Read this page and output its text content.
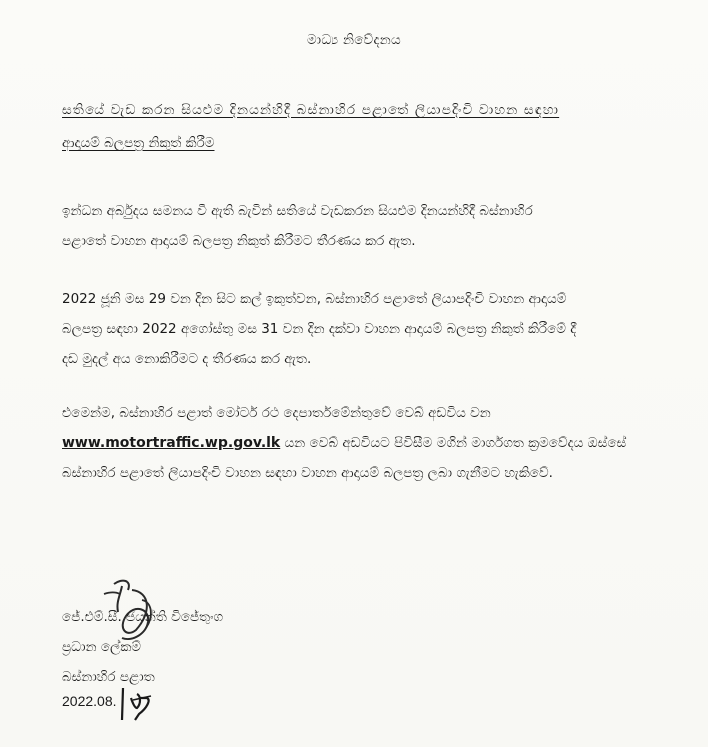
මාධ්‍ය නිවේදනය
සතියේ වැඩ කරන සියළුම දිනයන්හිදී බස්නාහිර පළාතේ ලියාපදිංචි වාහන සඳහා
ආදායම් බලපත්‍ර නිකුත් කිරීම
ඉන්ධන අර්බුදය සමනය වී ඇති බැවින් සතියේ වැඩකරන සියළුම දිනයන්හිදී බස්නාහිර
පළාතේ වාහන ආදායම් බලපත්‍ර නිකුත් කිරීමට තීරණය කර ඇත.
2022 ජූනි මස 29 වන දින සිට කල් ඉකුත්වන, බස්නාහිර පළාතේ ලියාපදිංචි වාහන ආදායම්
බලපත්‍ර සඳහා 2022 අගෝස්තු මස 31 වන දින දක්වා වාහන ආදායම් බලපත්‍ර නිකුත් කිරීමේ දී
දඩ මුදල් අය නොකිරීමට ද තීරණය කර ඇත.
එමෙන්ම, බස්නාහිර පළාත් මෝටර් රථ දෙපාර්තමේන්තුවේ වෙබ් අඩවිය වන
www.motortraffic.wp.gov.lk යන වෙබ් අඩවියට පිවිසීම මගින් මාර්ගගත ක්‍රමවේදය ඔස්සේ
බස්නාහිර පළාතේ ලියාපදිංචි වාහන සඳහා වාහන ආදායම් බලපත්‍ර ලබා ගැනීමට හැකිවේ.
ජේ.එම්.සී. ජයන්ති විජේතුංග
ප්‍රධාන ලේකම්
බස්නාහිර පළාත
2022.08.
